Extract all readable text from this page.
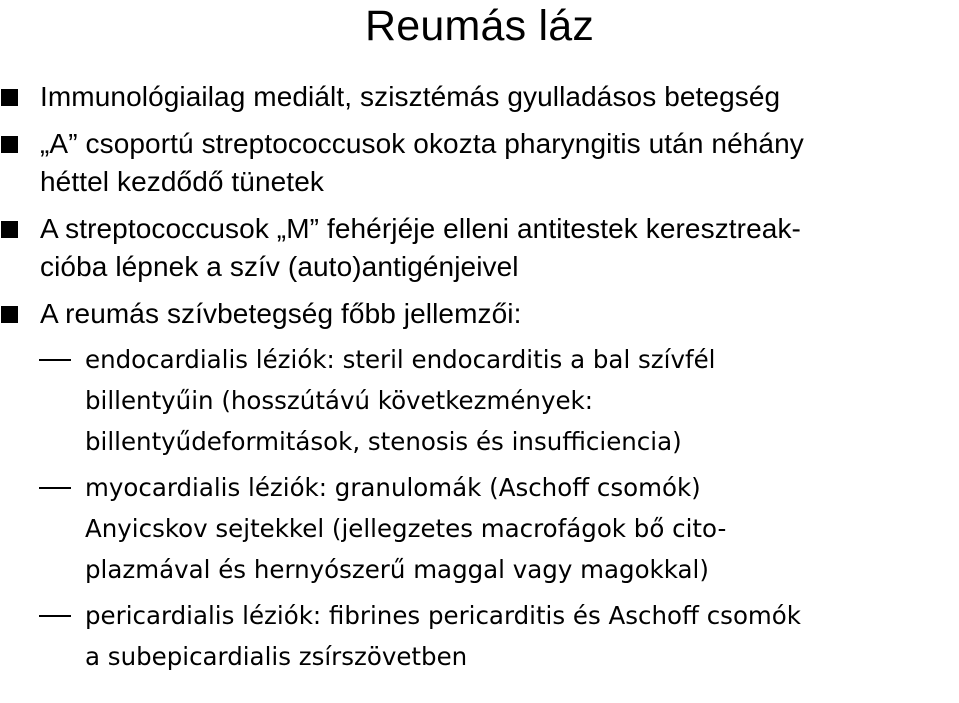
Reumás láz
Immunológiailag mediált, szisztémás gyulladásos betegség
„A” csoportú streptococcusok okozta pharyngitis után néhány
héttel kezdődő tünetek
A streptococcusok „M” fehérjéje elleni antitestek keresztreak-
cióba lépnek a szív (auto)antigénjeivel
A reumás szívbetegség főbb jellemzői:
endocardialis léziók: steril endocarditis a bal szívfél
billentyűin (hosszútávú következmények:
billentyűdeformitások, stenosis és insufficiencia)
myocardialis léziók: granulomák (Aschoff csomók)
Anyicskov sejtekkel (jellegzetes macrofágok bő cito-
plazmával és hernyószerű maggal vagy magokkal)
pericardialis léziók: fibrines pericarditis és Aschoff csomók
a subepicardialis zsírszövetben
